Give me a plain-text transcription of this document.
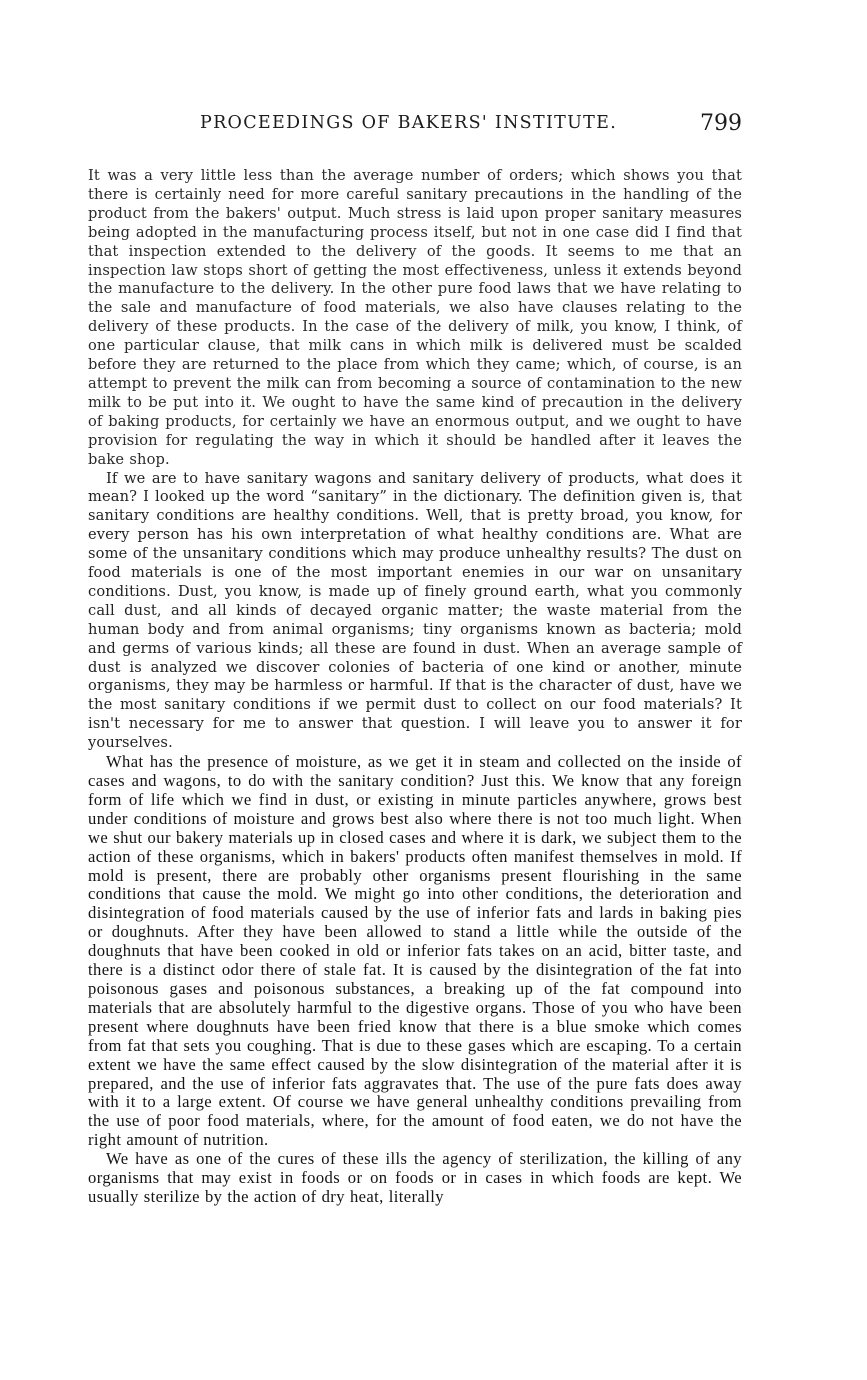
PROCEEDINGS OF BAKERS' INSTITUTE.	799

It was a very little less than the average number of orders; which shows you that there is certainly need for more careful sanitary precautions in the handling of the product from the bakers' output. Much stress is laid upon proper sanitary measures being adopted in the manufacturing process itself, but not in one case did I find that that inspection extended to the delivery of the goods. It seems to me that an inspection law stops short of getting the most effectiveness, unless it extends beyond the manufacture to the delivery. In the other pure food laws that we have relating to the sale and manufacture of food materials, we also have clauses relating to the delivery of these products. In the case of the delivery of milk, you know, I think, of one particular clause, that milk cans in which milk is delivered must be scalded before they are returned to the place from which they came; which, of course, is an attempt to prevent the milk can from becoming a source of contamination to the new milk to be put into it. We ought to have the same kind of precaution in the delivery of baking products, for certainly we have an enormous output, and we ought to have provision for regulating the way in which it should be handled after it leaves the bake shop.

If we are to have sanitary wagons and sanitary delivery of products, what does it mean? I looked up the word “sanitary” in the dictionary. The definition given is, that sanitary conditions are healthy conditions. Well, that is pretty broad, you know, for every person has his own interpretation of what healthy conditions are. What are some of the unsanitary conditions which may produce unhealthy results? The dust on food materials is one of the most important enemies in our war on unsanitary conditions. Dust, you know, is made up of finely ground earth, what you commonly call dust, and all kinds of decayed organic matter; the waste material from the human body and from animal organisms; tiny organisms known as bacteria; mold and germs of various kinds; all these are found in dust. When an average sample of dust is analyzed we discover colonies of bacteria of one kind or another, minute organisms, they may be harmless or harmful. If that is the character of dust, have we the most sanitary conditions if we permit dust to collect on our food materials? It isn't necessary for me to answer that question. I will leave you to answer it for yourselves.

What has the presence of moisture, as we get it in steam and collected on the inside of cases and wagons, to do with the sanitary condition? Just this. We know that any foreign form of life which we find in dust, or existing in minute particles anywhere, grows best under conditions of moisture and grows best also where there is not too much light. When we shut our bakery materials up in closed cases and where it is dark, we subject them to the action of these organisms, which in bakers' products often manifest themselves in mold. If mold is present, there are probably other organisms present flourishing in the same conditions that cause the mold. We might go into other conditions, the deterioration and disintegration of food materials caused by the use of inferior fats and lards in baking pies or doughnuts. After they have been allowed to stand a little while the outside of the doughnuts that have been cooked in old or inferior fats takes on an acid, bitter taste, and there is a distinct odor there of stale fat. It is caused by the disintegration of the fat into poisonous gases and poisonous substances, a breaking up of the fat compound into materials that are absolutely harmful to the digestive organs. Those of you who have been present where doughnuts have been fried know that there is a blue smoke which comes from fat that sets you coughing. That is due to these gases which are escaping. To a certain extent we have the same effect caused by the slow disintegration of the material after it is prepared, and the use of inferior fats aggravates that. The use of the pure fats does away with it to a large extent. Of course we have general unhealthy conditions prevailing from the use of poor food materials, where, for the amount of food eaten, we do not have the right amount of nutrition.

We have as one of the cures of these ills the agency of sterilization, the killing of any organisms that may exist in foods or on foods or in cases in which foods are kept. We usually sterilize by the action of dry heat, literally
